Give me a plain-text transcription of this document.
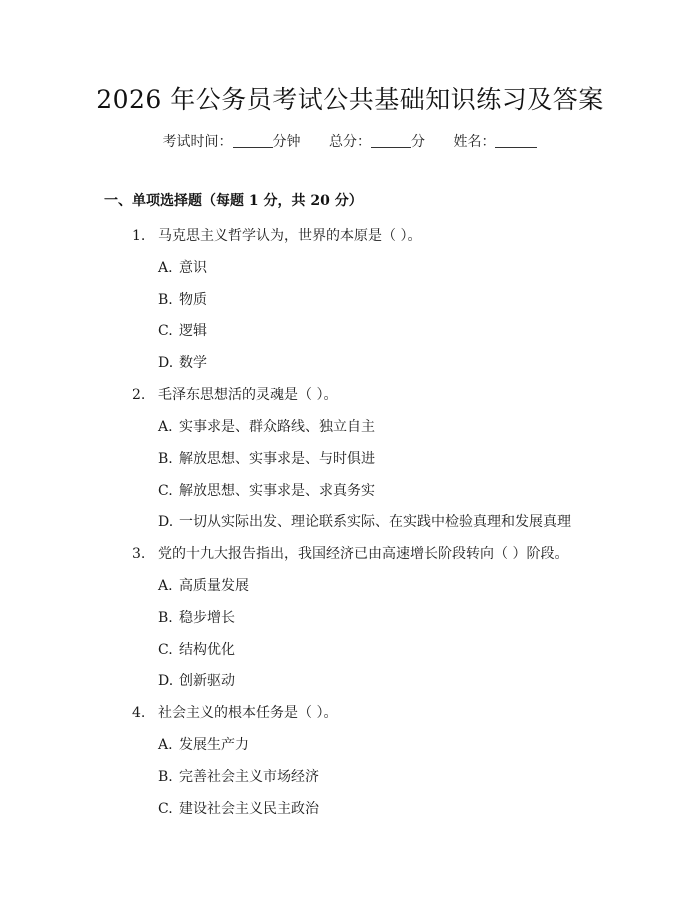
2026 年公务员考试公共基础知识练习及答案
考试时间：	分钟 总分：	分 姓名：
一、单项选择题（每题 1 分，共 20 分）
1. 马克思主义哲学认为，世界的本原是（ ）。
A. 意识
B. 物质
C. 逻辑
D. 数学
2. 毛泽东思想活的灵魂是（ ）。
A. 实事求是、群众路线、独立自主
B. 解放思想、实事求是、与时俱进
C. 解放思想、实事求是、求真务实
D. 一切从实际出发、理论联系实际、在实践中检验真理和发展真理
3. 党的十九大报告指出，我国经济已由高速增长阶段转向（ ）阶段。
A. 高质量发展
B. 稳步增长
C. 结构优化
D. 创新驱动
4. 社会主义的根本任务是（ ）。
A. 发展生产力
B. 完善社会主义市场经济
C. 建设社会主义民主政治
